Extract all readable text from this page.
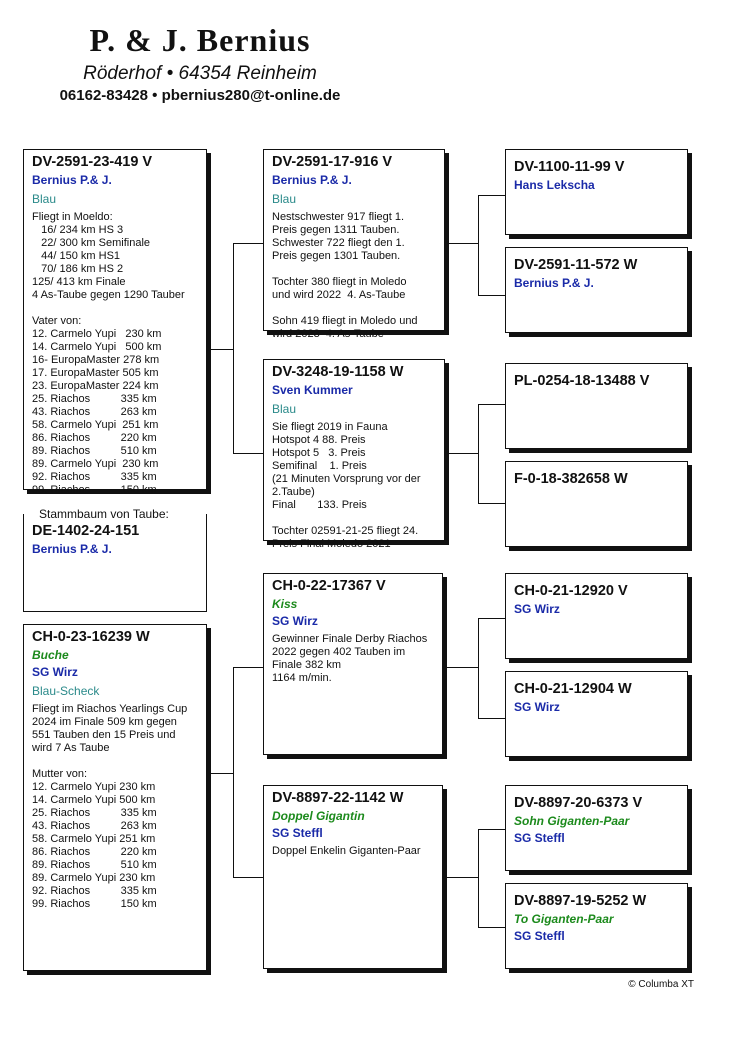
P. & J. Bernius
Röderhof • 64354 Reinheim
06162-83428 • pbernius280@t-online.de
DV-2591-23-419 V
Bernius P.& J.
Blau
Fliegt in Moeldo:
16/ 234 km HS 3
22/ 300 km Semifinale
44/ 150 km HS1
70/ 186 km HS 2
125/ 413 km Finale
4 As-Taube gegen 1290 Tauber

Vater von:
12. Carmelo Yupi   230 km
14. Carmelo Yupi   500 km
16- EuropaMaster 278 km
17. EuropaMaster 505 km
23. EuropaMaster 224 km
25. Riachos          335 km
43. Riachos          263 km
58. Carmelo Yupi  251 km
86. Riachos          220 km
89. Riachos          510 km
89. Carmelo Yupi  230 km
92. Riachos          335 km
99. Riachos          150 km
DE-1402-24-151
Bernius P.& J.
Stammbaum von Taube:
CH-0-23-16239 W
Buche
SG Wirz
Blau-Scheck
Fliegt im Riachos Yearlings Cup
2024 im Finale 509 km gegen
551 Tauben den 15 Preis und
wird 7 As Taube

Mutter von:
12. Carmelo Yupi 230 km
14. Carmelo Yupi 500 km
25. Riachos          335 km
43. Riachos          263 km
58. Carmelo Yupi 251 km
86. Riachos          220 km
89. Riachos          510 km
89. Carmelo Yupi 230 km
92. Riachos          335 km
99. Riachos          150 km
DV-2591-17-916 V
Bernius P.& J.
Blau
Nestschwester 917 fliegt 1.
Preis gegen 1311 Tauben.
Schwester 722 fliegt den 1.
Preis gegen 1301 Tauben.

Tochter 380 fliegt in Moledo
und wird 2022  4. As-Taube

Sohn 419 fliegt in Moledo und
wird 2023  4. As-Taube
DV-3248-19-1158 W
Sven Kummer
Blau
Sie fliegt 2019 in Fauna
Hotspot 4 88. Preis
Hotspot 5   3. Preis
Semifinal    1. Preis
(21 Minuten Vorsprung vor der
2.Taube)
Final       133. Preis

Tochter 02591-21-25 fliegt 24.
Preis Final Moledo 2021
CH-0-22-17367 V
Kiss
SG Wirz
Gewinner Finale Derby Riachos
2022 gegen 402 Tauben im
Finale 382 km
1164 m/min.
DV-8897-22-1142 W
Doppel Gigantin
SG Steffl
Doppel Enkelin Giganten-Paar
DV-1100-11-99 V
Hans Lekscha
DV-2591-11-572 W
Bernius P.& J.
PL-0254-18-13488 V
F-0-18-382658 W
CH-0-21-12920 V
SG Wirz
CH-0-21-12904 W
SG Wirz
DV-8897-20-6373 V
Sohn Giganten-Paar
SG Steffl
DV-8897-19-5252 W
To Giganten-Paar
SG Steffl
© Columba XT
